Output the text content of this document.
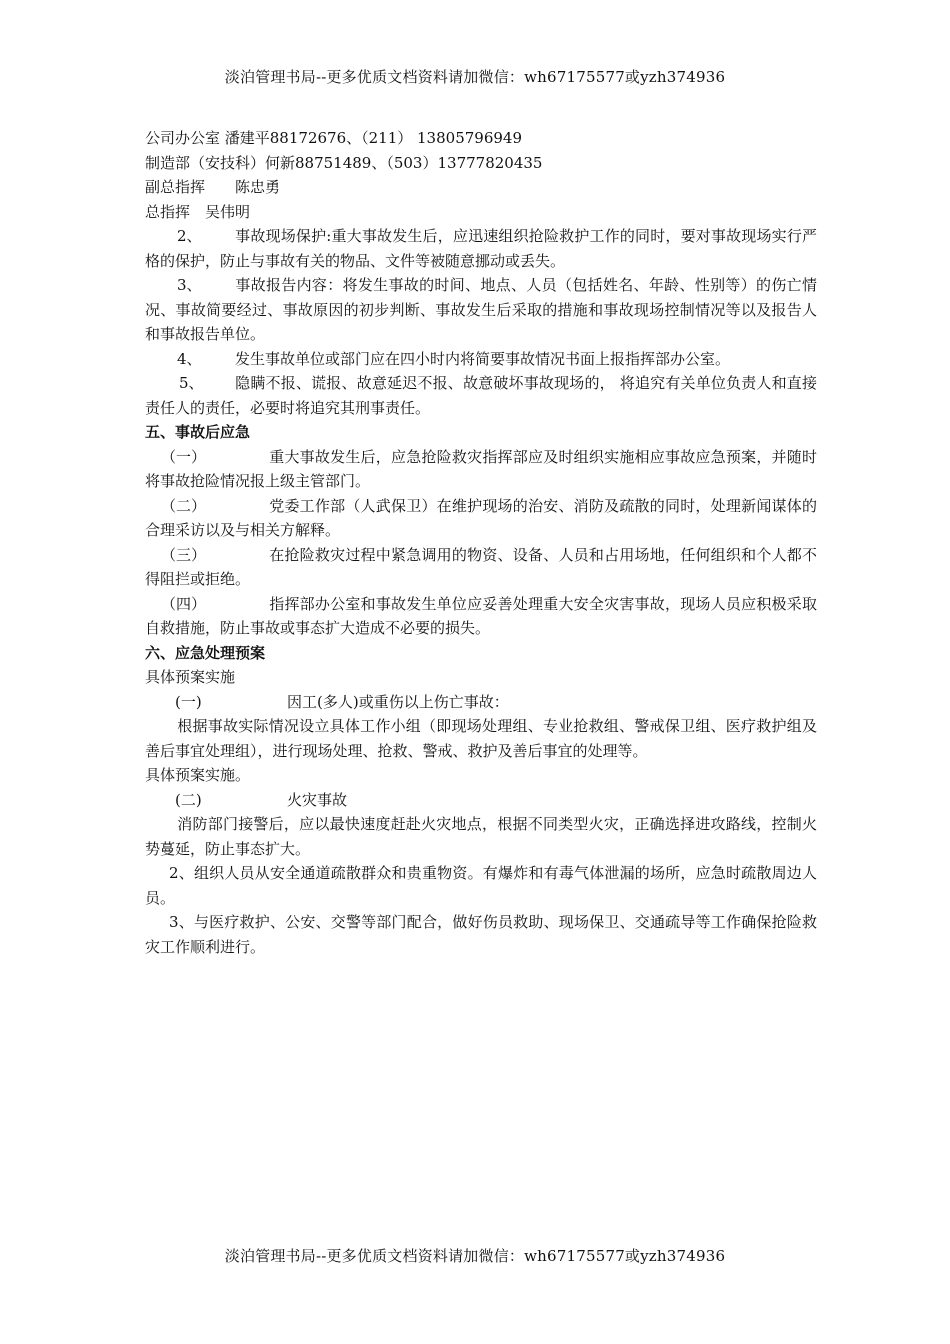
淡泊管理书局--更多优质文档资料请加微信：wh67175577或yzh374936
公司办公室 潘建平88172676、（211） 13805796949
制造部（安技科）何新88751489、（503）13777820435
副总指挥 陈忠勇
总指挥 吴伟明

2、 事故现场保护:重大事故发生后，应迅速组织抢险救护工作的同时，要对事故现场实行严格的保护，防止与事故有关的物品、文件等被随意挪动或丢失。

3、 事故报告内容：将发生事故的时间、地点、人员（包括姓名、年龄、性别等）的伤亡情况、事故简要经过、事故原因的初步判断、事故发生后采取的措施和事故现场控制情况等以及报告人和事故报告单位。

4、 发生事故单位或部门应在四小时内将简要事故情况书面上报指挥部办公室。

5、 隐瞒不报、谎报、故意延迟不报、故意破坏事故现场的， 将追究有关单位负责人和直接责任人的责任，必要时将追究其刑事责任。

五、事故后应急

（一）	重大事故发生后，应急抢险救灾指挥部应及时组织实施相应事故应急预案，并随时将事故抢险情况报上级主管部门。

（二）	党委工作部（人武保卫）在维护现场的治安、消防及疏散的同时，处理新闻谋体的合理采访以及与相关方解释。

（三）	在抢险救灾过程中紧急调用的物资、设备、人员和占用场地，任何组织和个人都不得阻拦或拒绝。

（四）	指挥部办公室和事故发生单位应妥善处理重大安全灾害事故，现场人员应积极采取自救措施，防止事故或事态扩大造成不必要的损失。

六、应急处理预案
具体预案实施
(一)	因工(多人)或重伤以上伤亡事故：

根据事故实际情况设立具体工作小组（即现场处理组、专业抢救组、警戒保卫组、医疗救护组及善后事宜处理组），进行现场处理、抢救、警戒、救护及善后事宜的处理等。

具体预案实施。
(二)	火灾事故

消防部门接警后，应以最快速度赶赴火灾地点，根据不同类型火灾，正确选择进攻路线，控制火势蔓延，防止事态扩大。

2、组织人员从安全通道疏散群众和贵重物资。有爆炸和有毒气体泄漏的场所，应急时疏散周边人员。

3、与医疗救护、公安、交警等部门配合，做好伤员救助、现场保卫、交通疏导等工作确保抢险救灾工作顺利进行。

淡泊管理书局--更多优质文档资料请加微信：wh67175577或yzh374936
